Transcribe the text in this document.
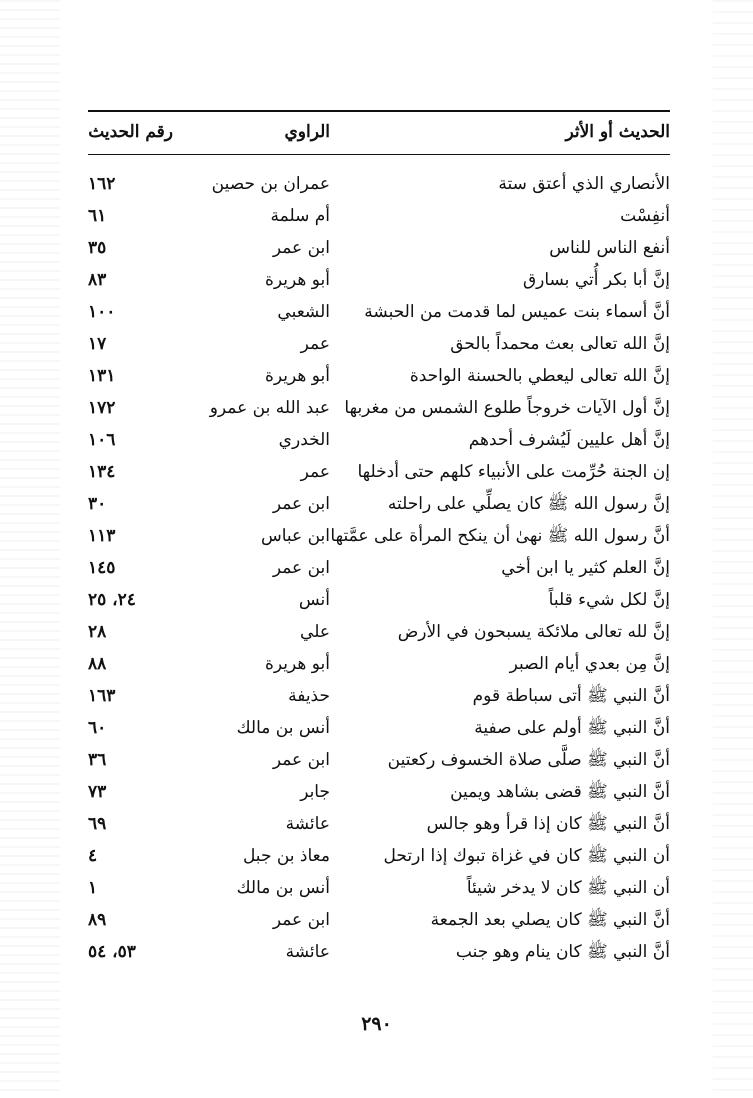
الحديث أو الأثر
الراوي
رقم الحديث
الأنصاري الذي أعتق ستة
عمران بن حصين
١٦٢
أنفِسْت
أم سلمة
٦١
أنفع الناس للناس
ابن عمر
٣٥
إنَّ أبا بكر أُتي بسارق
أبو هريرة
٨٣
أنَّ أسماء بنت عميس لما قدمت من الحبشة
الشعبي
١٠٠
إنَّ الله تعالى بعث محمداً بالحق
عمر
١٧
إنَّ الله تعالى ليعطي بالحسنة الواحدة
أبو هريرة
١٣١
إنَّ أول الآيات خروجاً طلوع الشمس من مغربها
عبد الله بن عمرو
١٧٢
إنَّ أهل عليين لَيُشرف أحدهم
الخدري
١٠٦
إن الجنة حُرِّمت على الأنبياء كلهم حتى أدخلها
عمر
١٣٤
إنَّ رسول الله ﷺ كان يصلِّي على راحلته
ابن عمر
٣٠
أنَّ رسول الله ﷺ نهىٰ أن ينكح المرأة على عمَّتها
ابن عباس
١١٣
إنَّ العلم كثير يا ابن أخي
ابن عمر
١٤٥
إنَّ لكل شيء قلباً
أنس
٢٤، ٢٥
إنَّ لله تعالى ملائكة يسبحون في الأرض
علي
٢٨
إنَّ مِن بعدي أيام الصبر
أبو هريرة
٨٨
أنَّ النبي ﷺ أتى سباطة قوم
حذيفة
١٦٣
أنَّ النبي ﷺ أولم على صفية
أنس بن مالك
٦٠
أنَّ النبي ﷺ صلَّى صلاة الخسوف ركعتين
ابن عمر
٣٦
أنَّ النبي ﷺ قضى بشاهد ويمين
جابر
٧٣
أنَّ النبي ﷺ كان إذا قرأ وهو جالس
عائشة
٦٩
أن النبي ﷺ كان في غزاة تبوك إذا ارتحل
معاذ بن جبل
٤
أن النبي ﷺ كان لا يدخر شيئاً
أنس بن مالك
١
أنَّ النبي ﷺ كان يصلي بعد الجمعة
ابن عمر
٨٩
أنَّ النبي ﷺ كان ينام وهو جنب
عائشة
٥٣، ٥٤
٢٩٠
